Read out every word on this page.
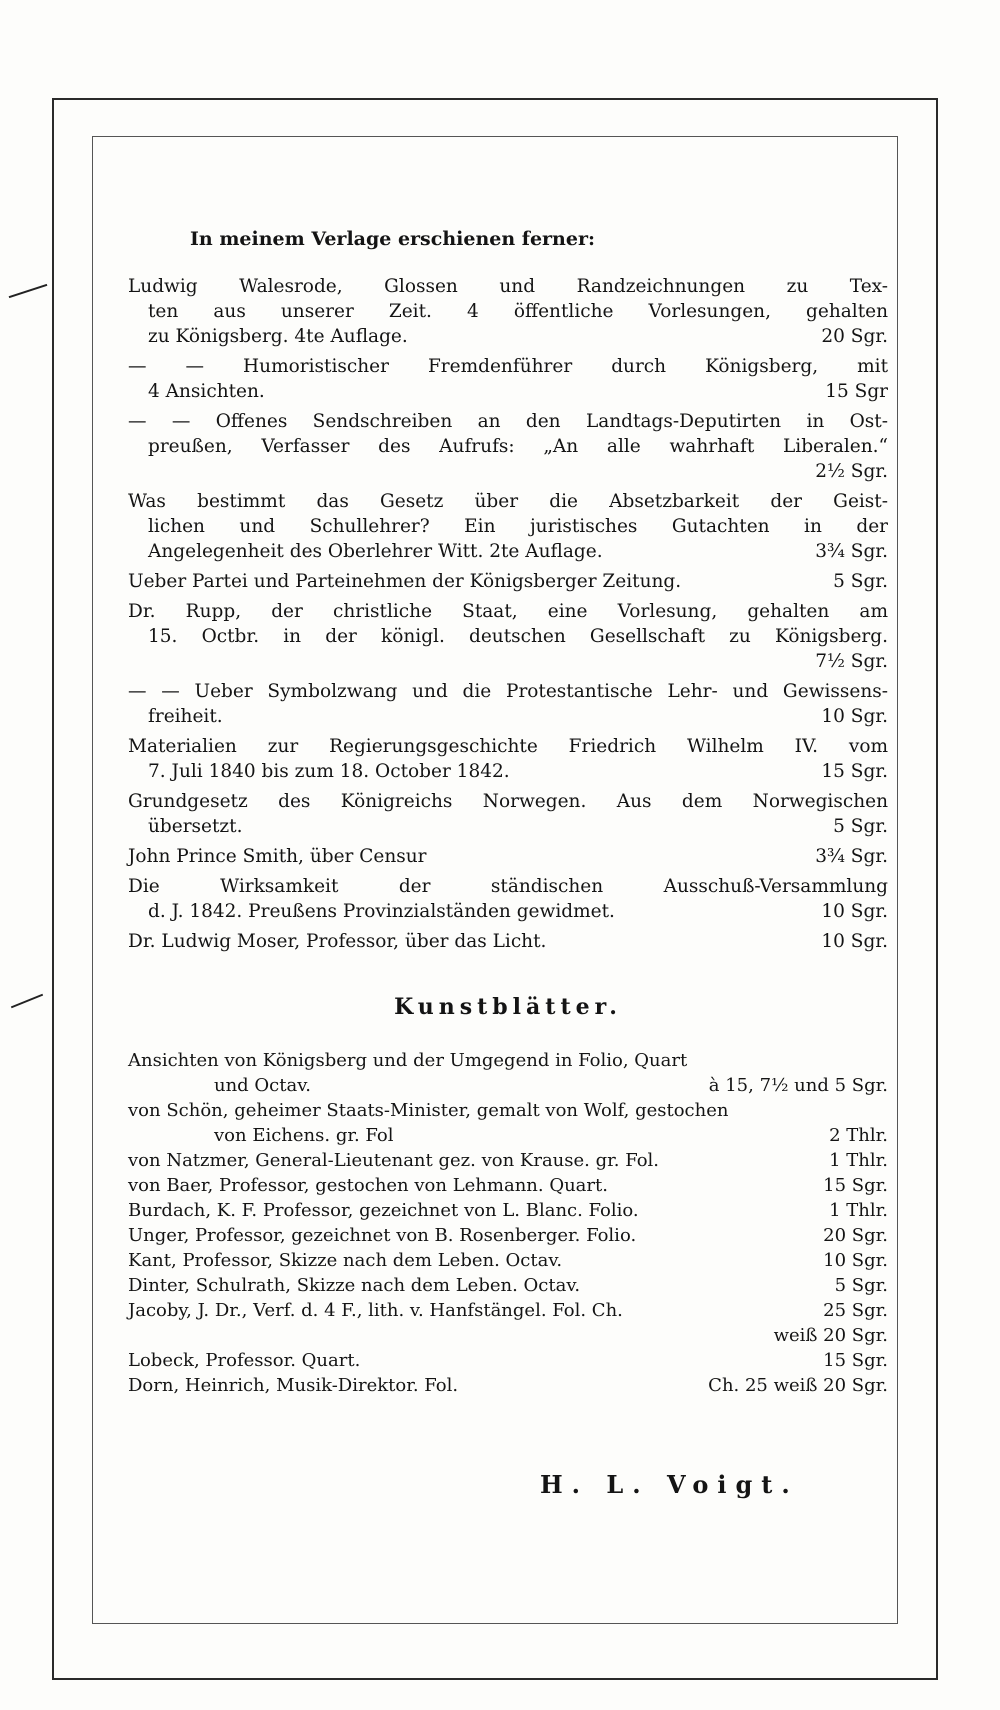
In meinem Verlage erschienen ferner:
Ludwig Walesrode, Glossen und Randzeichnungen zu Tex-
ten aus unserer Zeit. 4 öffentliche Vorlesungen, gehalten
zu Königsberg. 4te Auflage.	20 Sgr.
— — Humoristischer Fremdenführer durch Königsberg, mit
4 Ansichten.	15 Sgr
— — Offenes Sendschreiben an den Landtags-Deputirten in Ost-
preußen, Verfasser des Aufrufs: „An alle wahrhaft Liberalen.“
2½ Sgr.
Was bestimmt das Gesetz über die Absetzbarkeit der Geist-
lichen und Schullehrer? Ein juristisches Gutachten in der
Angelegenheit des Oberlehrer Witt. 2te Auflage.	3¾ Sgr.
Ueber Partei und Parteinehmen der Königsberger Zeitung.	5 Sgr.
Dr. Rupp, der christliche Staat, eine Vorlesung, gehalten am
15. Octbr. in der königl. deutschen Gesellschaft zu Königsberg.
7½ Sgr.
— — Ueber Symbolzwang und die Protestantische Lehr- und Gewissens-
freiheit.	10 Sgr.
Materialien zur Regierungsgeschichte Friedrich Wilhelm IV. vom
7. Juli 1840 bis zum 18. October 1842.	15 Sgr.
Grundgesetz des Königreichs Norwegen. Aus dem Norwegischen
übersetzt.	5 Sgr.
John Prince Smith, über Censur	3¾ Sgr.
Die Wirksamkeit der ständischen Ausschuß-Versammlung
d. J. 1842. Preußens Provinzialständen gewidmet.	10 Sgr.
Dr. Ludwig Moser, Professor, über das Licht.	10 Sgr.
Kunstblätter.
Ansichten von Königsberg und der Umgegend in Folio, Quart
und Octav.	à 15, 7½ und 5 Sgr.
von Schön, geheimer Staats-Minister, gemalt von Wolf, gestochen
von Eichens. gr. Fol	2 Thlr.
von Natzmer, General-Lieutenant gez. von Krause. gr. Fol.	1 Thlr.
von Baer, Professor, gestochen von Lehmann. Quart.	15 Sgr.
Burdach, K. F. Professor, gezeichnet von L. Blanc. Folio.	1 Thlr.
Unger, Professor, gezeichnet von B. Rosenberger. Folio.	20 Sgr.
Kant, Professor, Skizze nach dem Leben. Octav.	10 Sgr.
Dinter, Schulrath, Skizze nach dem Leben. Octav.	5 Sgr.
Jacoby, J. Dr., Verf. d. 4 F., lith. v. Hanfstängel. Fol. Ch.	25 Sgr.
weiß 20 Sgr.
Lobeck, Professor. Quart.	15 Sgr.
Dorn, Heinrich, Musik-Direktor. Fol.	Ch. 25 weiß 20 Sgr.
H. L. Voigt.
